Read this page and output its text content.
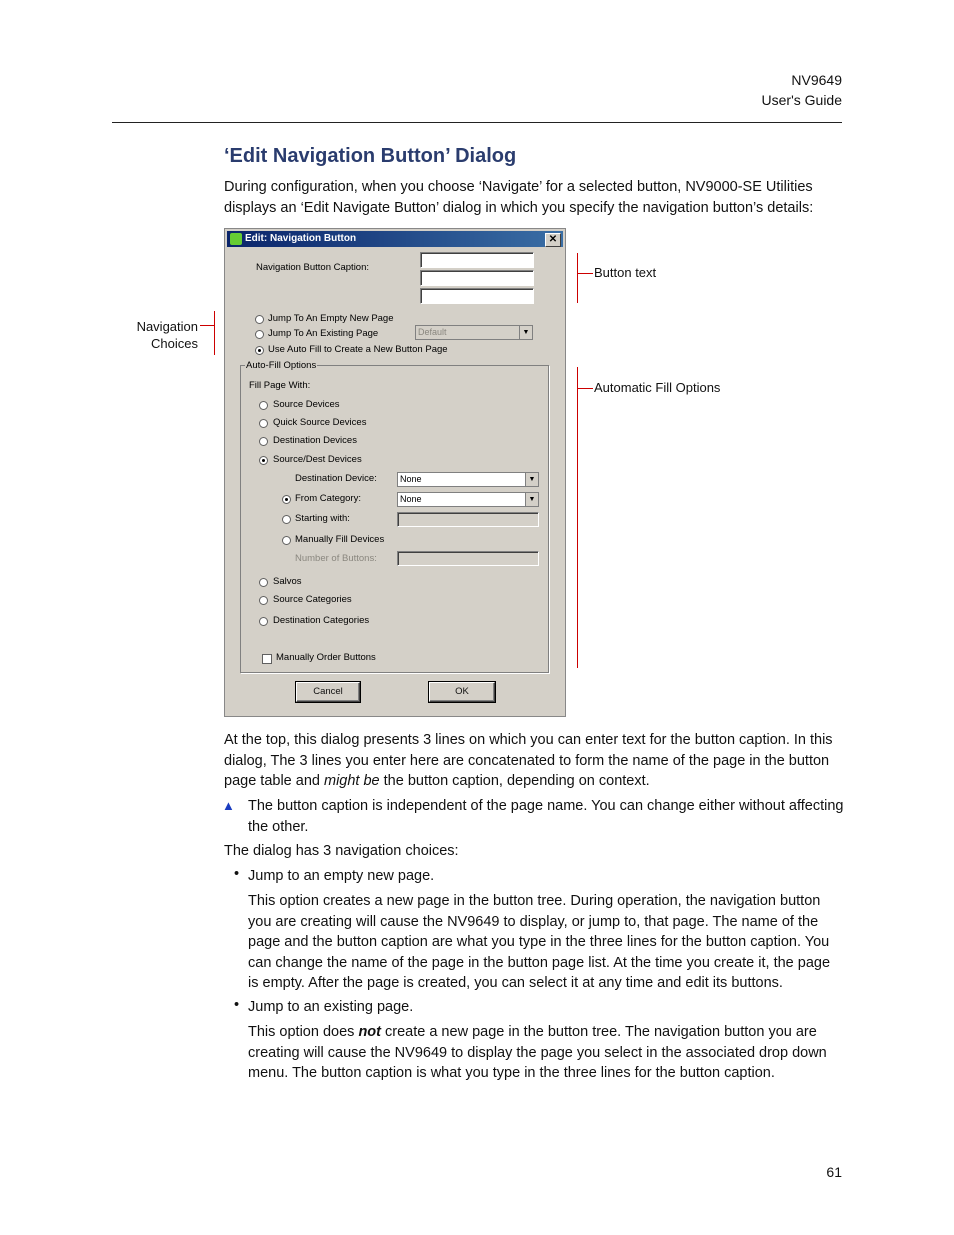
NV9649
User's Guide
‘Edit Navigation Button’ Dialog
During configuration, when you choose ‘Navigate’ for a selected button, NV9000-SE Utilities displays an ‘Edit Navigate Button’ dialog in which you specify the navigation button’s details:
Edit: Navigation Button	✕
Navigation Button Caption:
Jump To An Empty New Page
Jump To An Existing Page	Default	▼
Use Auto Fill to Create a New Button Page
Auto-Fill Options
Fill Page With:
Source Devices
Quick Source Devices
Destination Devices
Source/Dest Devices
Destination Device:	None	▼
From Category:	None	▼
Starting with:
Manually Fill Devices
Number of Buttons:
Salvos
Source Categories
Destination Categories
Manually Order Buttons
Cancel	OK
Button text
Navigation
Choices
Automatic Fill Options
At the top, this dialog presents 3 lines on which you can enter text for the button caption. In this dialog, The 3 lines you enter here are concatenated to form the name of the page in the button page table and might be the button caption, depending on context.
▲ The button caption is independent of the page name. You can change either without affecting the other.
The dialog has 3 navigation choices:
• Jump to an empty new page.
This option creates a new page in the button tree. During operation, the navigation button you are creating will cause the NV9649 to display, or jump to, that page. The name of the page and the button caption are what you type in the three lines for the button caption. You can change the name of the page in the button page list. At the time you create it, the page is empty. After the page is created, you can select it at any time and edit its buttons.
• Jump to an existing page.
This option does not create a new page in the button tree. The navigation button you are creating will cause the NV9649 to display the page you select in the associated drop down menu. The button caption is what you type in the three lines for the button caption.
61
